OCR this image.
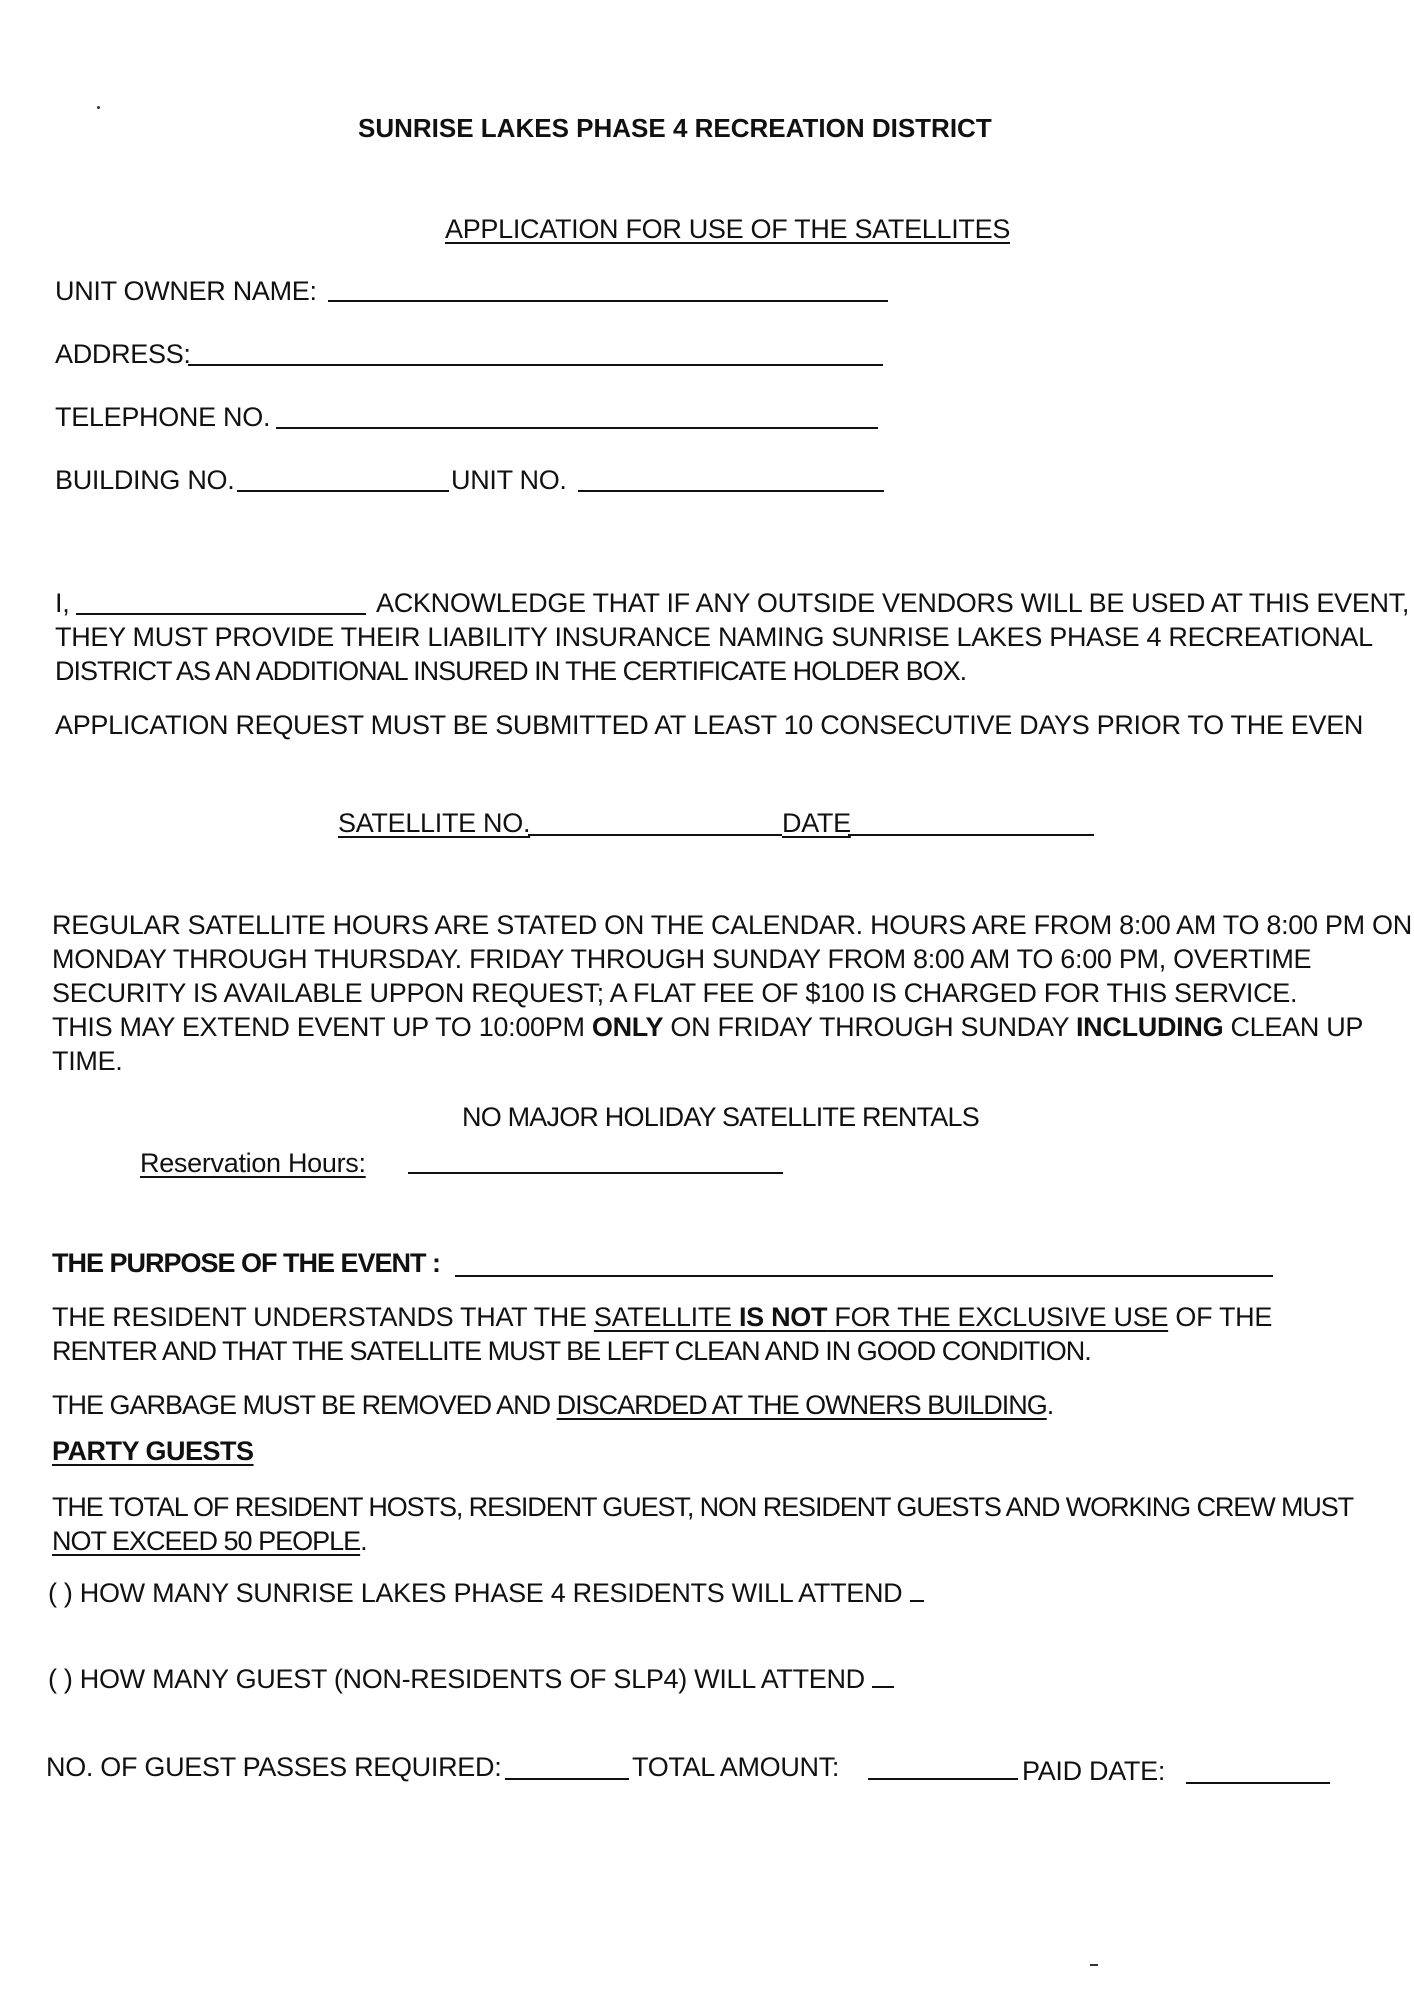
SUNRISE LAKES PHASE 4 RECREATION DISTRICT
APPLICATION FOR USE OF THE SATELLITES
UNIT OWNER NAME:
ADDRESS:
TELEPHONE NO.
BUILDING NO.	UNIT NO.
I,	ACKNOWLEDGE THAT IF ANY OUTSIDE VENDORS WILL BE USED AT THIS EVENT,
THEY MUST PROVIDE THEIR LIABILITY INSURANCE NAMING SUNRISE LAKES PHASE 4 RECREATIONAL
DISTRICT AS AN ADDITIONAL INSURED IN THE CERTIFICATE HOLDER BOX.
APPLICATION REQUEST MUST BE SUBMITTED AT LEAST 10 CONSECUTIVE DAYS PRIOR TO THE EVEN
SATELLITE NO.	DATE
REGULAR SATELLITE HOURS ARE STATED ON THE CALENDAR. HOURS ARE FROM 8:00 AM TO 8:00 PM ON
MONDAY THROUGH THURSDAY. FRIDAY THROUGH SUNDAY FROM 8:00 AM TO 6:00 PM, OVERTIME
SECURITY IS AVAILABLE UPPON REQUEST; A FLAT FEE OF $100 IS CHARGED FOR THIS SERVICE.
THIS MAY EXTEND EVENT UP TO 10:00PM ONLY ON FRIDAY THROUGH SUNDAY INCLUDING CLEAN UP
TIME.
NO MAJOR HOLIDAY SATELLITE RENTALS
Reservation Hours:
THE PURPOSE OF THE EVENT :
THE RESIDENT UNDERSTANDS THAT THE SATELLITE IS NOT FOR THE EXCLUSIVE USE OF THE
RENTER AND THAT THE SATELLITE MUST BE LEFT CLEAN AND IN GOOD CONDITION.
THE GARBAGE MUST BE REMOVED AND DISCARDED AT THE OWNERS BUILDING.
PARTY GUESTS
THE TOTAL OF RESIDENT HOSTS, RESIDENT GUEST, NON RESIDENT GUESTS AND WORKING CREW MUST
NOT EXCEED 50 PEOPLE.
( ) HOW MANY SUNRISE LAKES PHASE 4 RESIDENTS WILL ATTEND
( ) HOW MANY GUEST (NON-RESIDENTS OF SLP4) WILL ATTEND
NO. OF GUEST PASSES REQUIRED:	TOTAL AMOUNT:	PAID DATE:
